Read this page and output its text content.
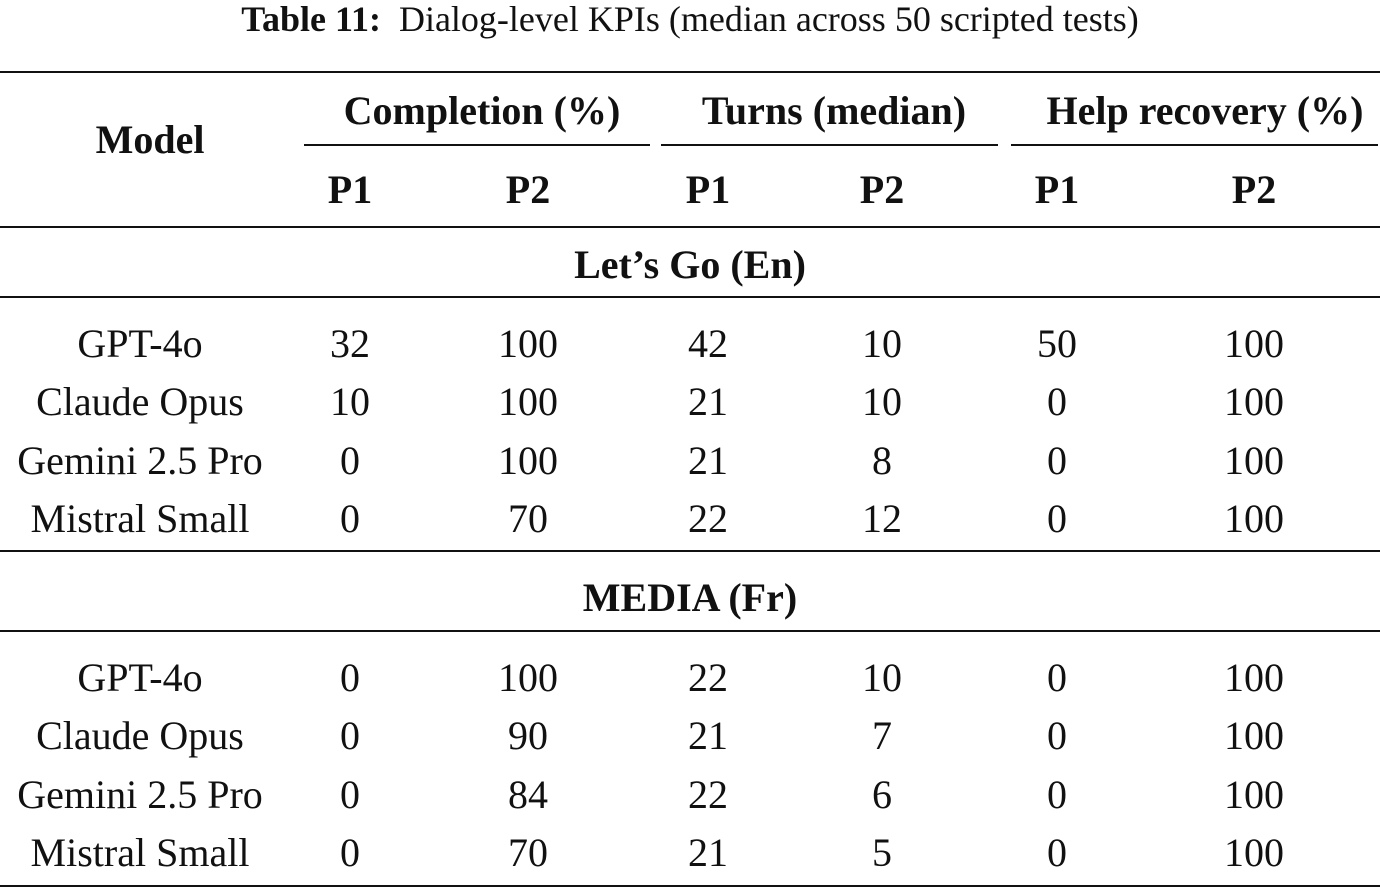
Table 11: Dialog-level KPIs (median across 50 scripted tests)
Model
Completion (%)	Turns (median)	Help recovery (%)
P1	P2	P1	P2	P1	P2
Let’s Go (En)
GPT-4o	32	100	42	10	50	100
Claude Opus	10	100	21	10	0	100
Gemini 2.5 Pro	0	100	21	8	0	100
Mistral Small	0	70	22	12	0	100
MEDIA (Fr)
GPT-4o	0	100	22	10	0	100
Claude Opus	0	90	21	7	0	100
Gemini 2.5 Pro	0	84	22	6	0	100
Mistral Small	0	70	21	5	0	100
